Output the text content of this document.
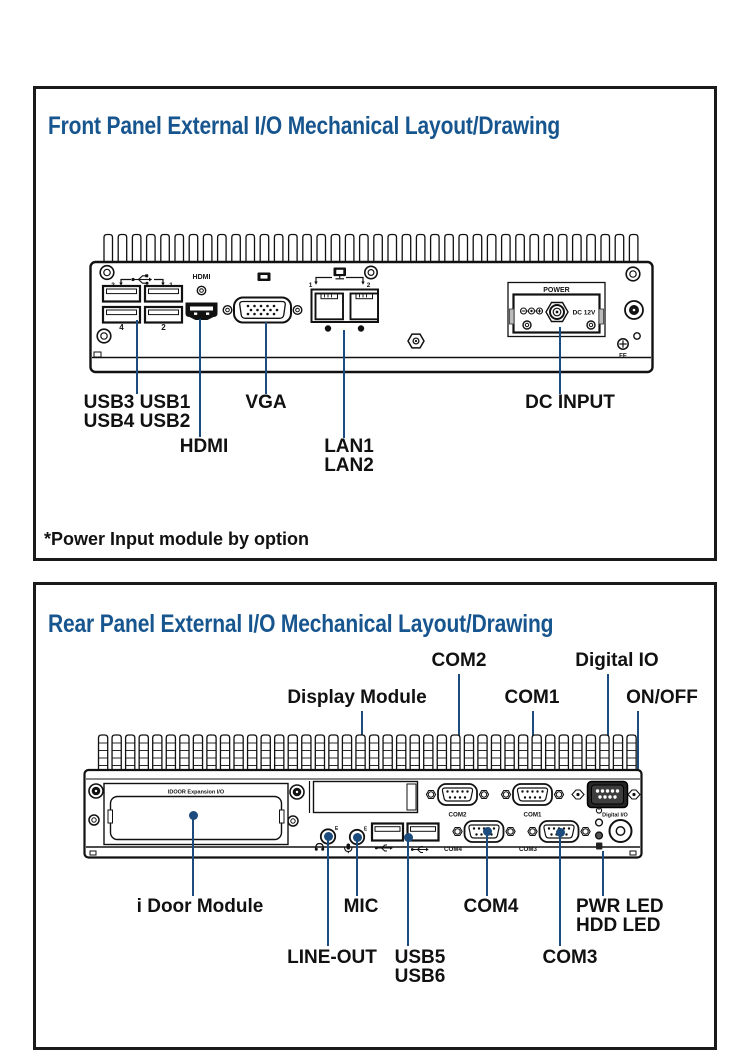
Front Panel External I/O Mechanical Layout/Drawing
4	2
HDMI
1	2
POWER
DC 12V
FE
USB3 USB1
USB4 USB2
VGA
HDMI	LAN1
LAN2
DC INPUT
*Power Input module by option
Rear Panel External I/O Mechanical Layout/Drawing
COM2	Digital IO
Display Module	COM1	ON/OFF
IDOOR Expansion I/O
E	E
COM2	COM1
COM4	COM3
Digital I/O
i Door Module	MIC	COM4	PWR LED
HDD LED
LINE-OUT USB5
USB6
COM3
